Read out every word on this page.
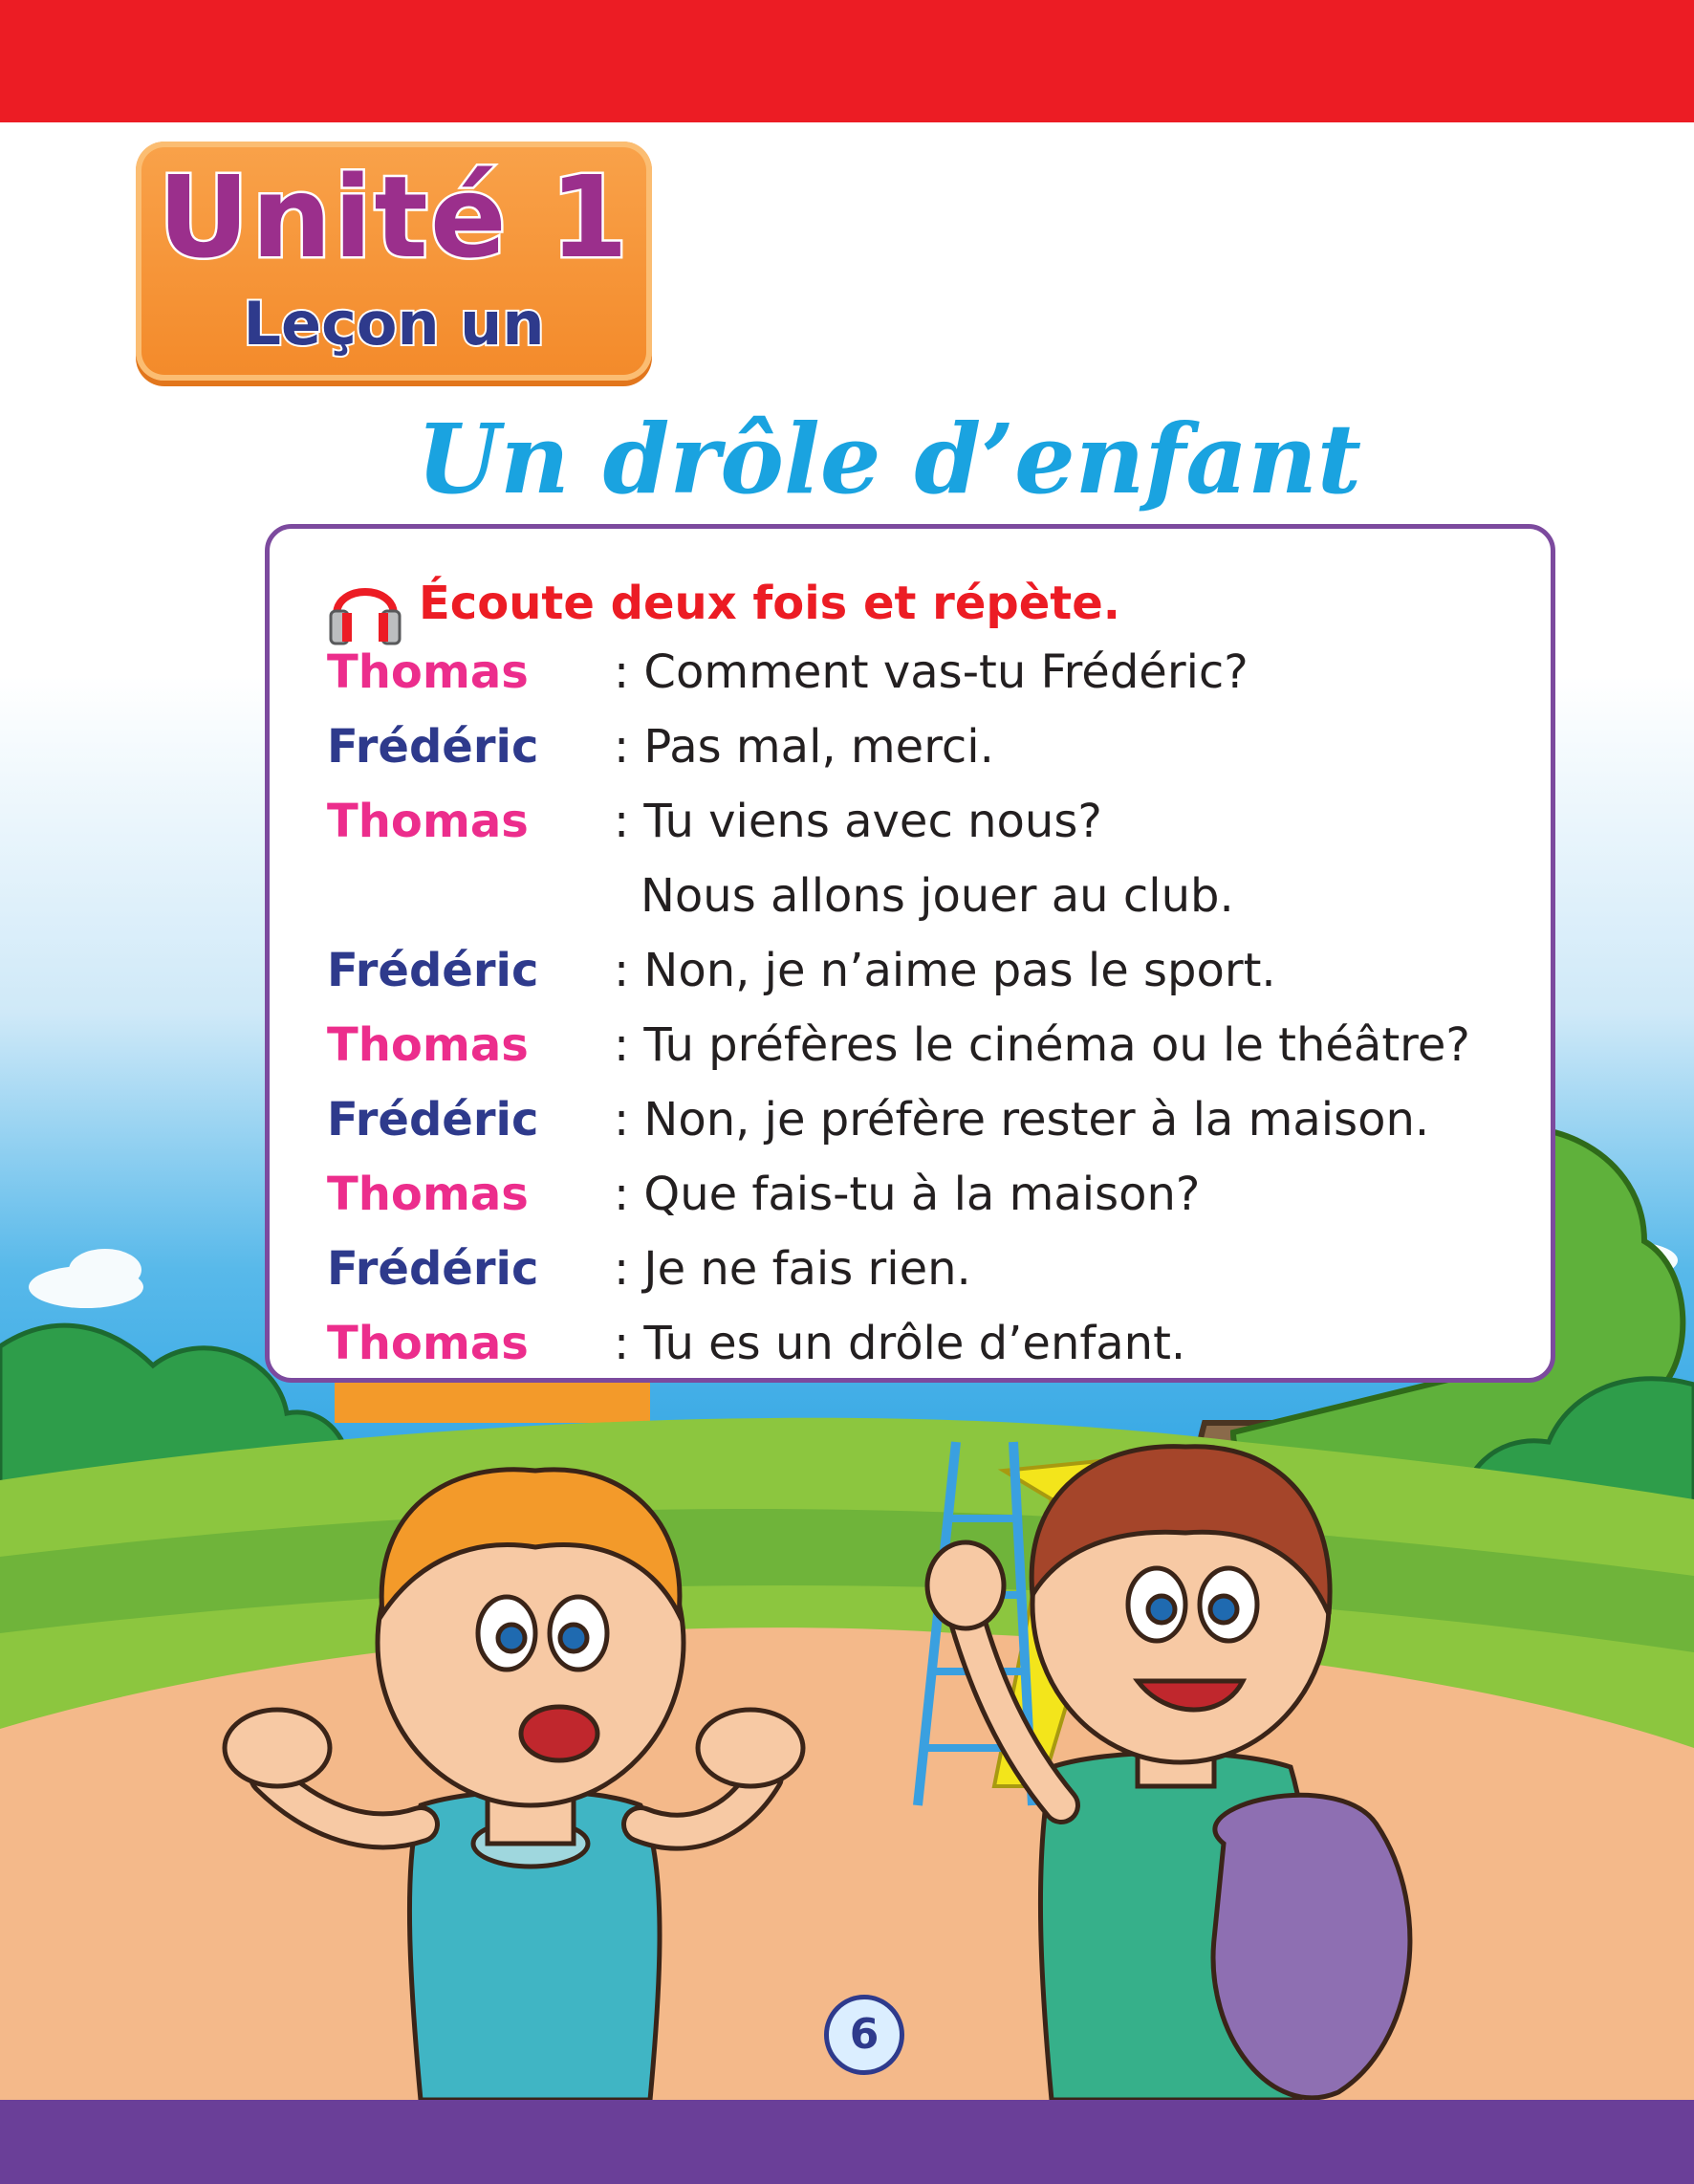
Unité 1
Leçon un
Un drôle d’enfant
Écoute deux fois et répète.
Thomas : Comment vas-tu Frédéric?
Frédéric : Pas mal, merci.
Thomas : Tu viens avec nous?
Nous allons jouer au club.
Frédéric : Non, je n’aime pas le sport.
Thomas : Tu préfères le cinéma ou le théâtre?
Frédéric : Non, je préfère rester à la maison.
Thomas : Que fais-tu à la maison?
Frédéric : Je ne fais rien.
Thomas : Tu es un drôle d’enfant.
6
